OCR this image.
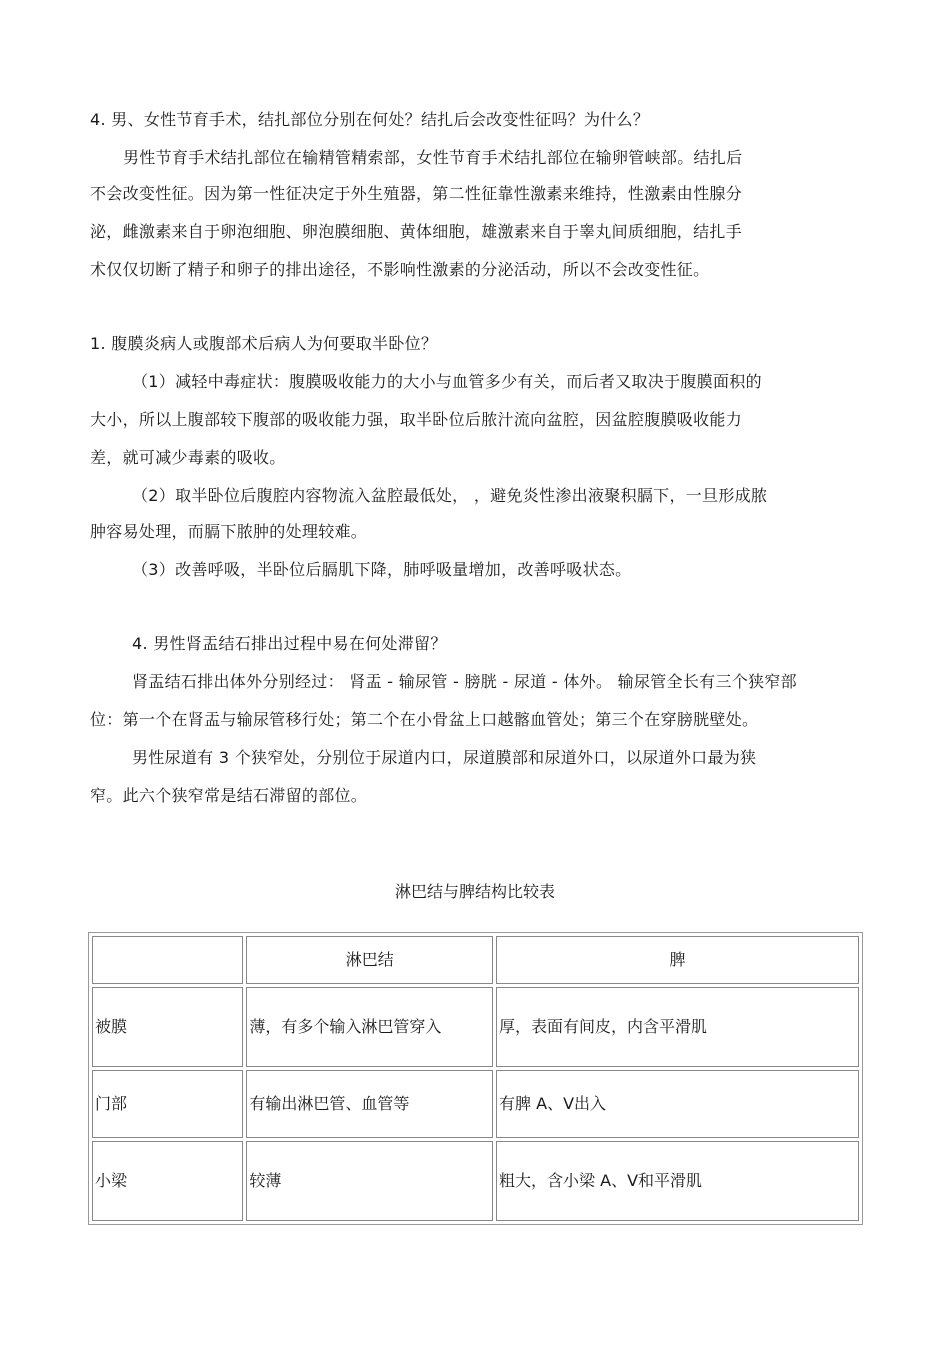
4. 男、女性节育手术，结扎部位分别在何处？结扎后会改变性征吗？为什么？
男性节育手术结扎部位在输精管精索部，女性节育手术结扎部位在输卵管峡部。结扎后
不会改变性征。因为第一性征决定于外生殖器，第二性征靠性激素来维持，性激素由性腺分
泌，雌激素来自于卵泡细胞、卵泡膜细胞、黄体细胞，雄激素来自于睾丸间质细胞，结扎手
术仅仅切断了精子和卵子的排出途径，不影响性激素的分泌活动，所以不会改变性征。
1. 腹膜炎病人或腹部术后病人为何要取半卧位？
（1）减轻中毒症状：腹膜吸收能力的大小与血管多少有关，而后者又取决于腹膜面积的
大小，所以上腹部较下腹部的吸收能力强，取半卧位后脓汁流向盆腔，因盆腔腹膜吸收能力
差，就可减少毒素的吸收。
（2）取半卧位后腹腔内容物流入盆腔最低处， ，避免炎性渗出液聚积膈下，一旦形成脓
肿容易处理，而膈下脓肿的处理较难。
（3）改善呼吸，半卧位后膈肌下降，肺呼吸量增加，改善呼吸状态。
4. 男性肾盂结石排出过程中易在何处滞留？
肾盂结石排出体外分别经过： 肾盂 - 输尿管 - 膀胱 - 尿道 - 体外。 输尿管全长有三个狭窄部
位：第一个在肾盂与输尿管移行处；第二个在小骨盆上口越髂血管处；第三个在穿膀胱壁处。
男性尿道有 3 个狭窄处，分别位于尿道内口，尿道膜部和尿道外口，以尿道外口最为狭
窄。此六个狭窄常是结石滞留的部位。
淋巴结与脾结构比较表
	淋巴结	脾
被膜	薄，有多个输入淋巴管穿入	厚，表面有间皮，内含平滑肌
门部	有输出淋巴管、血管等	有脾 A、V出入
小梁	较薄	粗大，含小梁 A、V和平滑肌
